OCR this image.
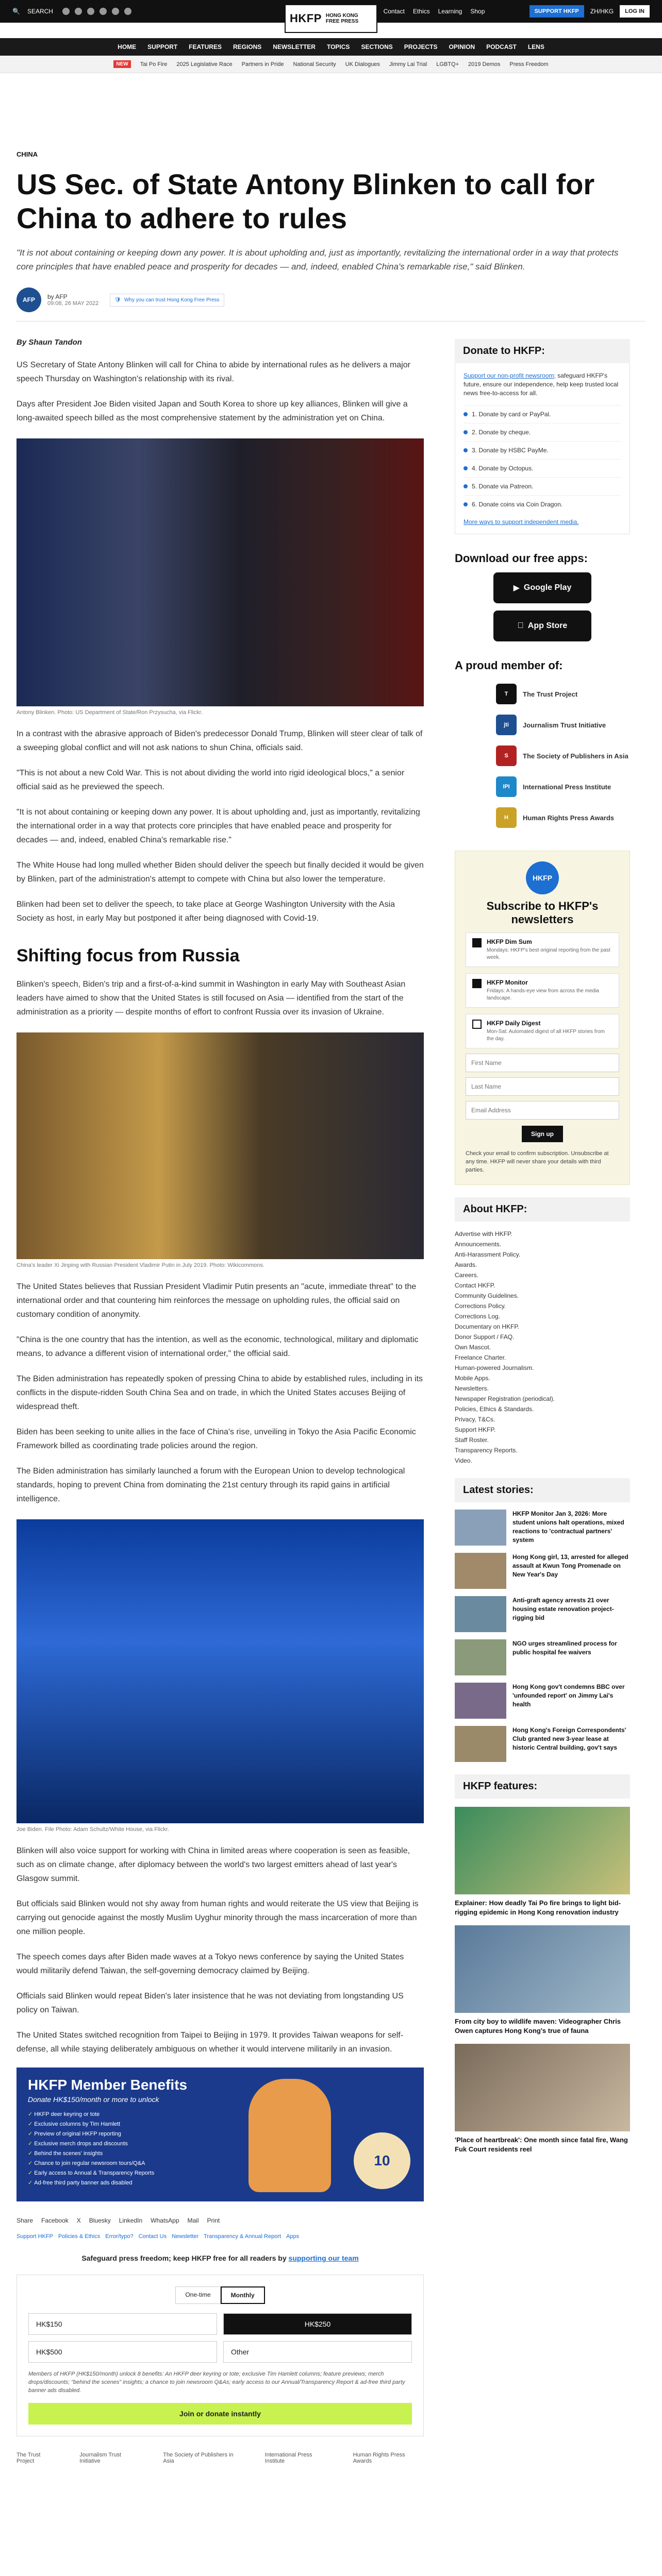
🔍 SEARCH	Contact Ethics Learning Shop	SUPPORT HKFP	ZH/HKG	LOG IN
HKFP HONG KONG FREE PRESS
HOME SUPPORT FEATURES REGIONS NEWSLETTER TOPICS SECTIONS PROJECTS OPINION PODCAST LENS
NEW	Tai Po Fire 2025 Legislative Race Partners in Pride National Security UK Dialogues Jimmy Lai Trial LGBTQ+ 2019 Demos Press Freedom
CHINA
US Sec. of State Antony Blinken to call for China to adhere to rules
"It is not about containing or keeping down any power. It is about upholding and, just as importantly, revitalizing the international order in a way that protects core principles that have enabled peace and prosperity for decades — and, indeed, enabled China's remarkable rise," said Blinken.
AFP	by AFP
09:08, 26 MAY 2022
🛡 Why you can trust Hong Kong Free Press
By Shaun Tandon

US Secretary of State Antony Blinken will call for China to abide by international rules as he delivers a major speech Thursday on Washington's relationship with its rival.

Days after President Joe Biden visited Japan and South Korea to shore up key alliances, Blinken will give a long-awaited speech billed as the most comprehensive statement by the administration yet on China.

Antony Blinken. Photo: US Department of State/Ron Przysucha, via Flickr.

In a contrast with the abrasive approach of Biden's predecessor Donald Trump, Blinken will steer clear of talk of a sweeping global conflict and will not ask nations to shun China, officials said.

"This is not about a new Cold War. This is not about dividing the world into rigid ideological blocs," a senior official said as he previewed the speech.

"It is not about containing or keeping down any power. It is about upholding and, just as importantly, revitalizing the international order in a way that protects core principles that have enabled peace and prosperity for decades — and, indeed, enabled China's remarkable rise."

The White House had long mulled whether Biden should deliver the speech but finally decided it would be given by Blinken, part of the administration's attempt to compete with China but also lower the temperature.

Blinken had been set to deliver the speech, to take place at George Washington University with the Asia Society as host, in early May but postponed it after being diagnosed with Covid-19.

Shifting focus from Russia

Blinken's speech, Biden's trip and a first-of-a-kind summit in Washington in early May with Southeast Asian leaders have aimed to show that the United States is still focused on Asia — identified from the start of the administration as a priority — despite months of effort to confront Russia over its invasion of Ukraine.

China's leader Xi Jinping with Russian President Vladimir Putin in July 2019. Photo: Wikicommons.

The United States believes that Russian President Vladimir Putin presents an "acute, immediate threat" to the international order and that countering him reinforces the message on upholding rules, the official said on customary condition of anonymity.

"China is the one country that has the intention, as well as the economic, technological, military and diplomatic means, to advance a different vision of international order," the official said.

The Biden administration has repeatedly spoken of pressing China to abide by established rules, including in its conflicts in the dispute-ridden South China Sea and on trade, in which the United States accuses Beijing of widespread theft.

Biden has been seeking to unite allies in the face of China's rise, unveiling in Tokyo the Asia Pacific Economic Framework billed as coordinating trade policies around the region.

The Biden administration has similarly launched a forum with the European Union to develop technological standards, hoping to prevent China from dominating the 21st century through its rapid gains in artificial intelligence.

Joe Biden. File Photo: Adam Schultz/White House, via Flickr.

Blinken will also voice support for working with China in limited areas where cooperation is seen as feasible, such as on climate change, after diplomacy between the world's two largest emitters ahead of last year's Glasgow summit.

But officials said Blinken would not shy away from human rights and would reiterate the US view that Beijing is carrying out genocide against the mostly Muslim Uyghur minority through the mass incarceration of more than one million people.

The speech comes days after Biden made waves at a Tokyo news conference by saying the United States would militarily defend Taiwan, the self-governing democracy claimed by Beijing.

Officials said Blinken would repeat Biden's later insistence that he was not deviating from longstanding US policy on Taiwan.

The United States switched recognition from Taipei to Beijing in 1979. It provides Taiwan weapons for self-defense, all while staying deliberately ambiguous on whether it would intervene militarily in an invasion.

HKFP Member Benefits
Donate HK$150/month or more to unlock
✓ HKFP deer keyring or tote
✓ Exclusive columns by Tim Hamlett
✓ Preview of original HKFP reporting
✓ Exclusive merch drops and discounts
✓ Behind the scenes' insights
✓ Chance to join regular newsroom tours/Q&A
✓ Early access to Annual & Transparency Reports
✓ Ad-free third party banner ads disabled
10
Share Facebook X Bluesky LinkedIn WhatsApp Mail Print
Support HKFP Policies & Ethics Error/typo? Contact Us Newsletter Transparency & Annual Report Apps
Safeguard press freedom; keep HKFP free for all readers by supporting our team
One-time	Monthly
HK$150	HK$250
HK$500	Other
Members of HKFP (HK$150/month) unlock 8 benefits: An HKFP deer keyring or tote; exclusive Tim Hamlett columns; feature previews; merch drops/discounts; "behind the scenes" insights; a chance to join newsroom Q&As; early access to our Annual/Transparency Report & ad-free third party banner ads disabled.
Join or donate instantly
The Trust Project
Journalism Trust Initiative
The Society of Publishers in Asia
International Press Institute
Human Rights Press Awards
Donate to HKFP:
Support our non-profit newsroom; safeguard HKFP's future, ensure our independence, help keep trusted local news free-to-access for all.
1. Donate by card or PayPal.
2. Donate by cheque.
3. Donate by HSBC PayMe.
4. Donate by Octopus.
5. Donate via Patreon.
6. Donate coins via Coin Dragon.
More ways to support independent media.
Download our free apps:
▶ Google Play
App Store
A proud member of:
T	The Trust Project
jti	Journalism Trust Initiative
S	The Society of Publishers in Asia
IPI	International Press Institute
H	Human Rights Press Awards
HKFP
Subscribe to HKFP's newsletters
HKFP Dim Sum
Mondays: HKFP's best original reporting from the past week.
HKFP Monitor
Fridays: A hands-eye view from across the media landscape.
HKFP Daily Digest
Mon-Sat: Automated digest of all HKFP stories from the day.
First Name
Last Name
Email Address Sign up
Check your email to confirm subscription. Unsubscribe at any time. HKFP will never share your details with third parties.
About HKFP:
Advertise with HKFP.
Announcements.
Anti-Harassment Policy.
Awards.
Careers.
Contact HKFP.
Community Guidelines.
Corrections Policy.
Corrections Log.
Documentary on HKFP.
Donor Support / FAQ.
Own Mascot.
Freelance Charter.
Human-powered Journalism.
Mobile Apps.
Newsletters.
Newspaper Registration (periodical).
Policies, Ethics & Standards.
Privacy, T&Cs.
Support HKFP.
Staff Roster.
Transparency Reports.
Video.
Latest stories:
HKFP Monitor Jan 3, 2026: More student unions halt operations, mixed reactions to 'contractual partners' system
Hong Kong girl, 13, arrested for alleged assault at Kwun Tong Promenade on New Year's Day
Anti-graft agency arrests 21 over housing estate renovation project-rigging bid
NGO urges streamlined process for public hospital fee waivers
Hong Kong gov't condemns BBC over 'unfounded report' on Jimmy Lai's health
Hong Kong's Foreign Correspondents' Club granted new 3-year lease at historic Central building, gov't says
HKFP features:
Explainer: How deadly Tai Po fire brings to light bid-rigging epidemic in Hong Kong renovation industry
From city boy to wildlife maven: Videographer Chris Owen captures Hong Kong's true of fauna
'Place of heartbreak': One month since fatal fire, Wang Fuk Court residents reel
